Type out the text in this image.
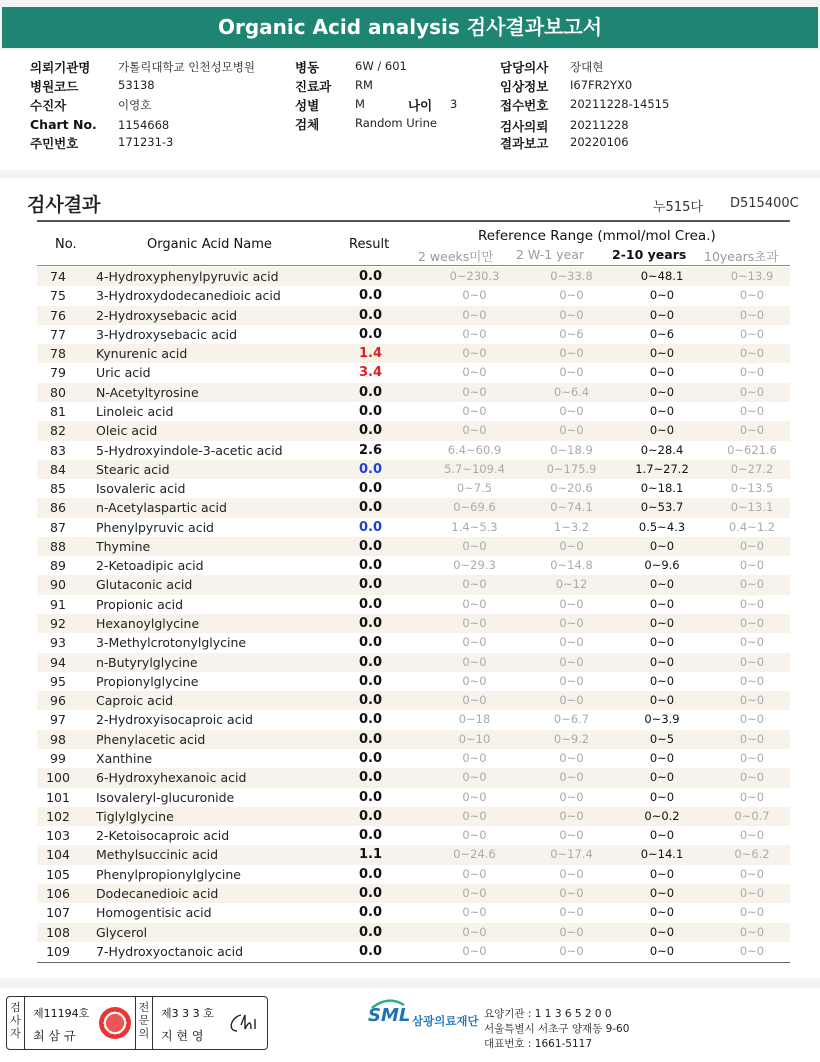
Organic Acid analysis 검사결과보고서
의뢰기관명 가톨릭대학교 인천성모병원
병원코드	53138
수진자	이영호
Chart No. 1154668
주민번호	171231-3
병동	6W / 601
진료과 RM
성별	M	나이 3
검체	Random Urine
담당의사 장대현
임상정보 I67FR2YX0
접수번호 20211228-14515
검사의뢰 20211228
결과보고 20220106
검사결과	누515다 D515400C
No.	Organic Acid Name	Result
Reference Range (mmol/mol Crea.)
2 weeks미만 2 W-1 year 2-10 years 10years초과
74	4-Hydroxyphenylpyruvic acid	0.0	0~230.3	0~33.8	0~48.1	0~13.9
75	3-Hydroxydodecanedioic acid	0.0	0~0	0~0	0~0	0~0
76	2-Hydroxysebacic acid	0.0	0~0	0~0	0~0	0~0
77	3-Hydroxysebacic acid	0.0	0~0	0~6	0~6	0~0
78	Kynurenic acid	1.4	0~0	0~0	0~0	0~0
79	Uric acid	3.4	0~0	0~0	0~0	0~0
80	N-Acetyltyrosine	0.0	0~0	0~6.4	0~0	0~0
81	Linoleic acid	0.0	0~0	0~0	0~0	0~0
82	Oleic acid	0.0	0~0	0~0	0~0	0~0
83	5-Hydroxyindole-3-acetic acid	2.6	6.4~60.9	0~18.9	0~28.4	0~621.6
84	Stearic acid	0.0	5.7~109.4	0~175.9	1.7~27.2	0~27.2
85	Isovaleric acid	0.0	0~7.5	0~20.6	0~18.1	0~13.5
86	n-Acetylaspartic acid	0.0	0~69.6	0~74.1	0~53.7	0~13.1
87	Phenylpyruvic acid	0.0	1.4~5.3	1~3.2	0.5~4.3	0.4~1.2
88	Thymine	0.0	0~0	0~0	0~0	0~0
89	2-Ketoadipic acid	0.0	0~29.3	0~14.8	0~9.6	0~0
90	Glutaconic acid	0.0	0~0	0~12	0~0	0~0
91	Propionic acid	0.0	0~0	0~0	0~0	0~0
92	Hexanoylglycine	0.0	0~0	0~0	0~0	0~0
93	3-Methylcrotonylglycine	0.0	0~0	0~0	0~0	0~0
94	n-Butyrylglycine	0.0	0~0	0~0	0~0	0~0
95	Propionylglycine	0.0	0~0	0~0	0~0	0~0
96	Caproic acid	0.0	0~0	0~0	0~0	0~0
97	2-Hydroxyisocaproic acid	0.0	0~18	0~6.7	0~3.9	0~0
98	Phenylacetic acid	0.0	0~10	0~9.2	0~5	0~0
99	Xanthine	0.0	0~0	0~0	0~0	0~0
100	6-Hydroxyhexanoic acid	0.0	0~0	0~0	0~0	0~0
101	Isovaleryl-glucuronide	0.0	0~0	0~0	0~0	0~0
102	Tiglylglycine	0.0	0~0	0~0	0~0.2	0~0.7
103	2-Ketoisocaproic acid	0.0	0~0	0~0	0~0	0~0
104	Methylsuccinic acid	1.1	0~24.6	0~17.4	0~14.1	0~6.2
105	Phenylpropionylglycine	0.0	0~0	0~0	0~0	0~0
106	Dodecanedioic acid	0.0	0~0	0~0	0~0	0~0
107	Homogentisic acid	0.0	0~0	0~0	0~0	0~0
108	Glycerol	0.0	0~0	0~0	0~0	0~0
109	7-Hydroxyoctanoic acid	0.0	0~0	0~0	0~0	0~0
검사자
제11194호
최 삼 규
전문의
제3 3 3 호
지 현 영
SML 삼광의료재단 요양기관 : 1 1 3 6 5 2 0 0
서울특별시 서초구 양재동 9-60
대표번호 : 1661-5117
